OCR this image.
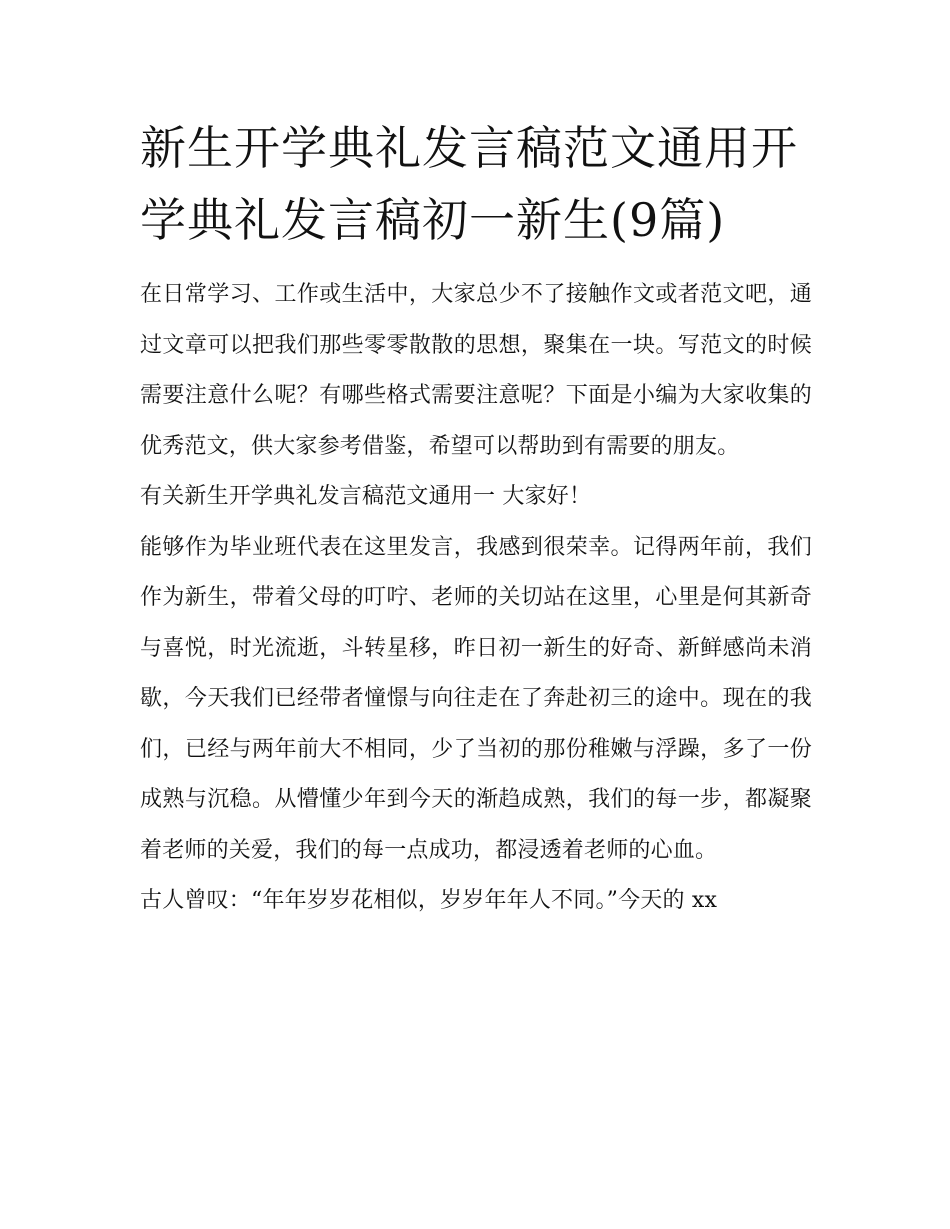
新生开学典礼发言稿范文通用开学典礼发言稿初一新生(9篇)

在日常学习、工作或生活中，大家总少不了接触作文或者范文吧，通过文章可以把我们那些零零散散的思想，聚集在一块。写范文的时候需要注意什么呢？有哪些格式需要注意呢？下面是小编为大家收集的优秀范文，供大家参考借鉴，希望可以帮助到有需要的朋友。

有关新生开学典礼发言稿范文通用一 大家好！

能够作为毕业班代表在这里发言，我感到很荣幸。记得两年前，我们作为新生，带着父母的叮咛、老师的关切站在这里，心里是何其新奇与喜悦，时光流逝，斗转星移，昨日初一新生的好奇、新鲜感尚未消歇，今天我们已经带者憧憬与向往走在了奔赴初三的途中。现在的我们，已经与两年前大不相同，少了当初的那份稚嫩与浮躁，多了一份成熟与沉稳。从懵懂少年到今天的渐趋成熟，我们的每一步，都凝聚着老师的关爱，我们的每一点成功，都浸透着老师的心血。

古人曾叹：“年年岁岁花相似，岁岁年年人不同。”今天的 xx
